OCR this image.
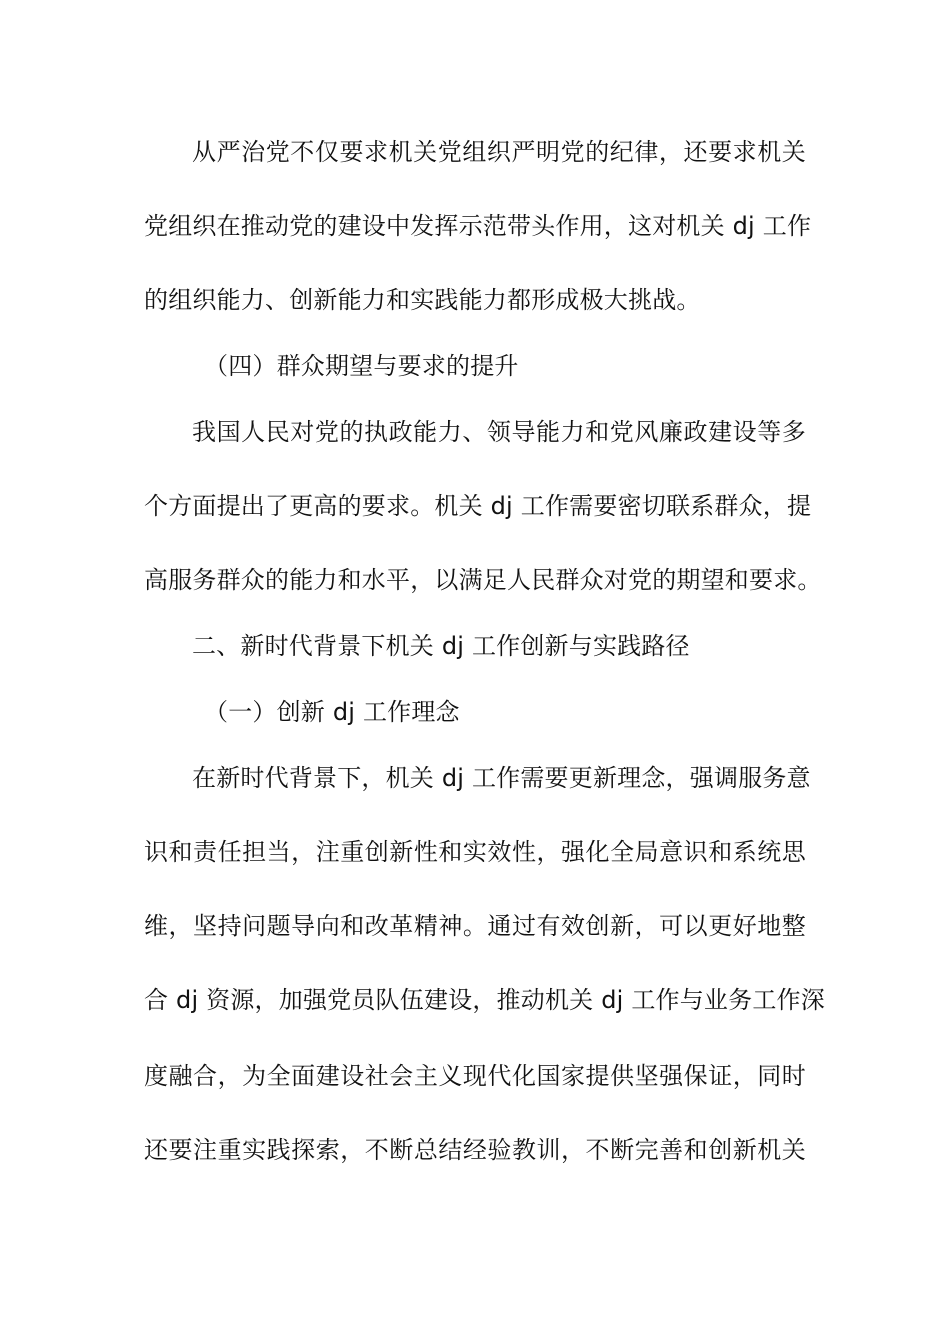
从严治党不仅要求机关党组织严明党的纪律，还要求机关
党组织在推动党的建设中发挥示范带头作用，这对机关 dj 工作
的组织能力、创新能力和实践能力都形成极大挑战。
（四）群众期望与要求的提升
我国人民对党的执政能力、领导能力和党风廉政建设等多
个方面提出了更高的要求。机关 dj 工作需要密切联系群众，提
高服务群众的能力和水平，以满足人民群众对党的期望和要求。
二、新时代背景下机关 dj 工作创新与实践路径
（一）创新 dj 工作理念
在新时代背景下，机关 dj 工作需要更新理念，强调服务意
识和责任担当，注重创新性和实效性，强化全局意识和系统思
维，坚持问题导向和改革精神。通过有效创新，可以更好地整
合 dj 资源，加强党员队伍建设，推动机关 dj 工作与业务工作深
度融合，为全面建设社会主义现代化国家提供坚强保证，同时
还要注重实践探索，不断总结经验教训，不断完善和创新机关
